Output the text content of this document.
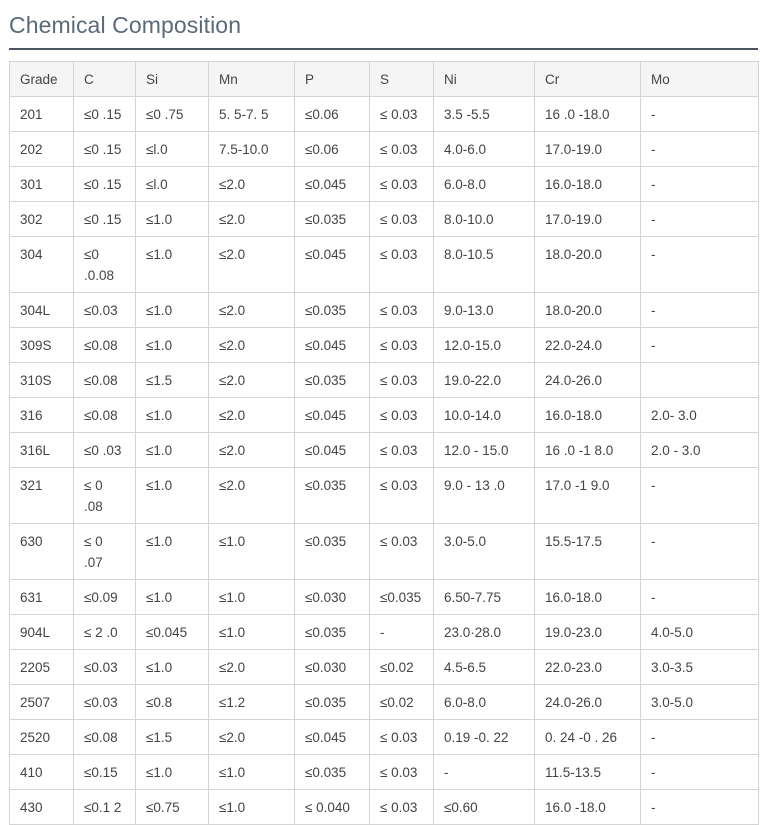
Chemical Composition
Grade	C	Si	Mn	P	S	Ni	Cr	Mo
201	≤0 .15	≤0 .75	5. 5-7. 5	≤0.06	≤ 0.03	3.5 -5.5	16 .0 -18.0	-
202	≤0 .15	≤l.0	7.5-10.0	≤0.06	≤ 0.03	4.0-6.0	17.0-19.0	-
301	≤0 .15	≤l.0	≤2.0	≤0.045	≤ 0.03	6.0-8.0	16.0-18.0	-
302	≤0 .15	≤1.0	≤2.0	≤0.035	≤ 0.03	8.0-10.0	17.0-19.0	-
304	≤0 .0.08	≤1.0	≤2.0	≤0.045	≤ 0.03	8.0-10.5	18.0-20.0	-
304L	≤0.03	≤1.0	≤2.0	≤0.035	≤ 0.03	9.0-13.0	18.0-20.0	-
309S	≤0.08	≤1.0	≤2.0	≤0.045	≤ 0.03	12.0-15.0	22.0-24.0	-
310S	≤0.08	≤1.5	≤2.0	≤0.035	≤ 0.03	19.0-22.0	24.0-26.0	
316	≤0.08	≤1.0	≤2.0	≤0.045	≤ 0.03	10.0-14.0	16.0-18.0	2.0- 3.0
316L	≤0 .03	≤1.0	≤2.0	≤0.045	≤ 0.03	12.0 - 15.0	16 .0 -1 8.0	2.0 - 3.0
321	≤ 0 .08	≤1.0	≤2.0	≤0.035	≤ 0.03	9.0 - 13 .0	17.0 -1 9.0	-
630	≤ 0 .07	≤1.0	≤1.0	≤0.035	≤ 0.03	3.0-5.0	15.5-17.5	-
631	≤0.09	≤1.0	≤1.0	≤0.030	≤0.035	6.50-7.75	16.0-18.0	-
904L	≤ 2 .0	≤0.045	≤1.0	≤0.035	-	23.0·28.0	19.0-23.0	4.0-5.0
2205	≤0.03	≤1.0	≤2.0	≤0.030	≤0.02	4.5-6.5	22.0-23.0	3.0-3.5
2507	≤0.03	≤0.8	≤1.2	≤0.035	≤0.02	6.0-8.0	24.0-26.0	3.0-5.0
2520	≤0.08	≤1.5	≤2.0	≤0.045	≤ 0.03	0.19 -0. 22	0. 24 -0 . 26	-
410	≤0.15	≤1.0	≤1.0	≤0.035	≤ 0.03	-	11.5-13.5	-
430	≤0.1 2	≤0.75	≤1.0	≤ 0.040	≤ 0.03	≤0.60	16.0 -18.0	-
